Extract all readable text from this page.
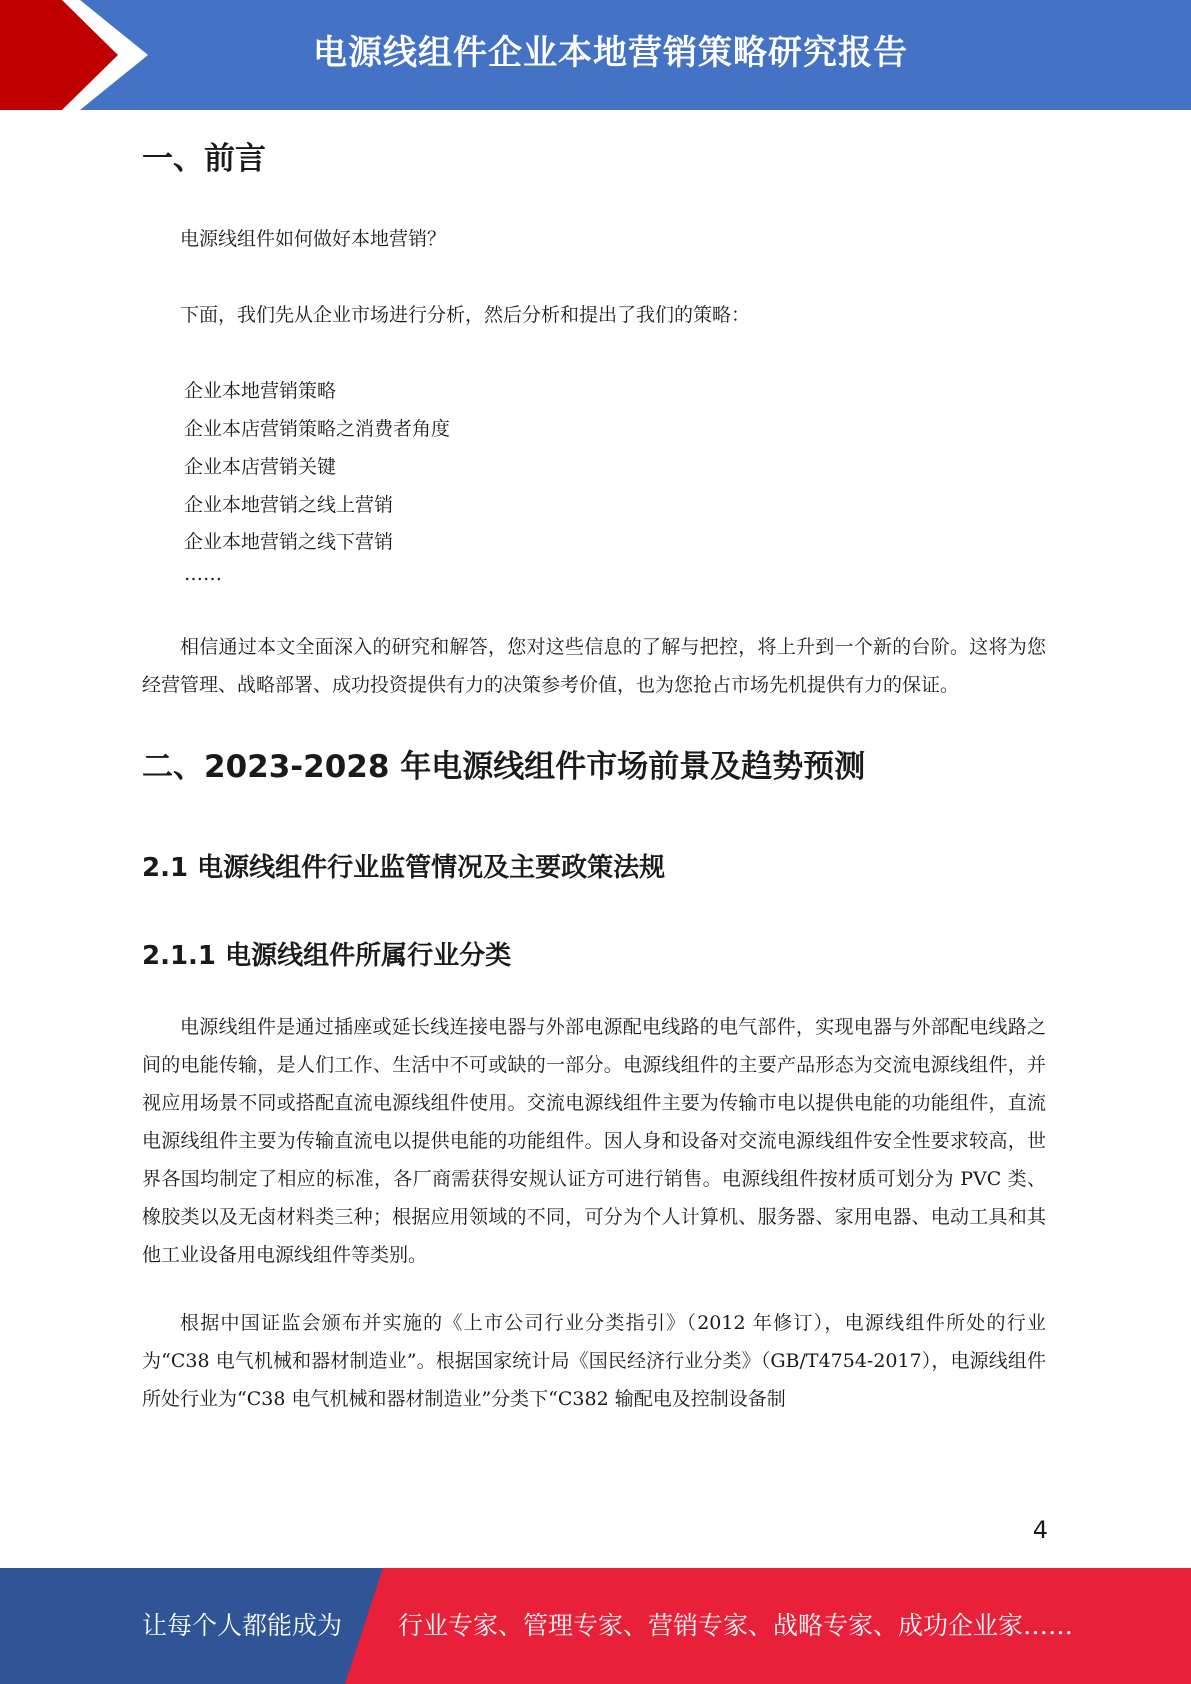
电源线组件企业本地营销策略研究报告
一、前言

电源线组件如何做好本地营销？

下面，我们先从企业市场进行分析，然后分析和提出了我们的策略：

企业本地营销策略
企业本店营销策略之消费者角度
企业本店营销关键
企业本地营销之线上营销
企业本地营销之线下营销
……

相信通过本文全面深入的研究和解答，您对这些信息的了解与把控，将上升到一个新的台阶。这将为您经营管理、战略部署、成功投资提供有力的决策参考价值，也为您抢占市场先机提供有力的保证。

二、2023-2028 年电源线组件市场前景及趋势预测
2.1 电源线组件行业监管情况及主要政策法规
2.1.1 电源线组件所属行业分类

电源线组件是通过插座或延长线连接电器与外部电源配电线路的电气部件，实现电器与外部配电线路之间的电能传输，是人们工作、生活中不可或缺的一部分。电源线组件的主要产品形态为交流电源线组件，并视应用场景不同或搭配直流电源线组件使用。交流电源线组件主要为传输市电以提供电能的功能组件，直流电源线组件主要为传输直流电以提供电能的功能组件。因人身和设备对交流电源线组件安全性要求较高，世界各国均制定了相应的标准，各厂商需获得安规认证方可进行销售。电源线组件按材质可划分为 PVC 类、橡胶类以及无卤材料类三种；根据应用领域的不同，可分为个人计算机、服务器、家用电器、电动工具和其他工业设备用电源线组件等类别。

根据中国证监会颁布并实施的《上市公司行业分类指引》（2012 年修订），电源线组件所处的行业为“C38 电气机械和器材制造业”。根据国家统计局《国民经济行业分类》（GB/T4754-2017），电源线组件所处行业为“C38 电气机械和器材制造业”分类下“C382 输配电及控制设备制

4
让每个人都能成为 行业专家、管理专家、营销专家、战略专家、成功企业家……
